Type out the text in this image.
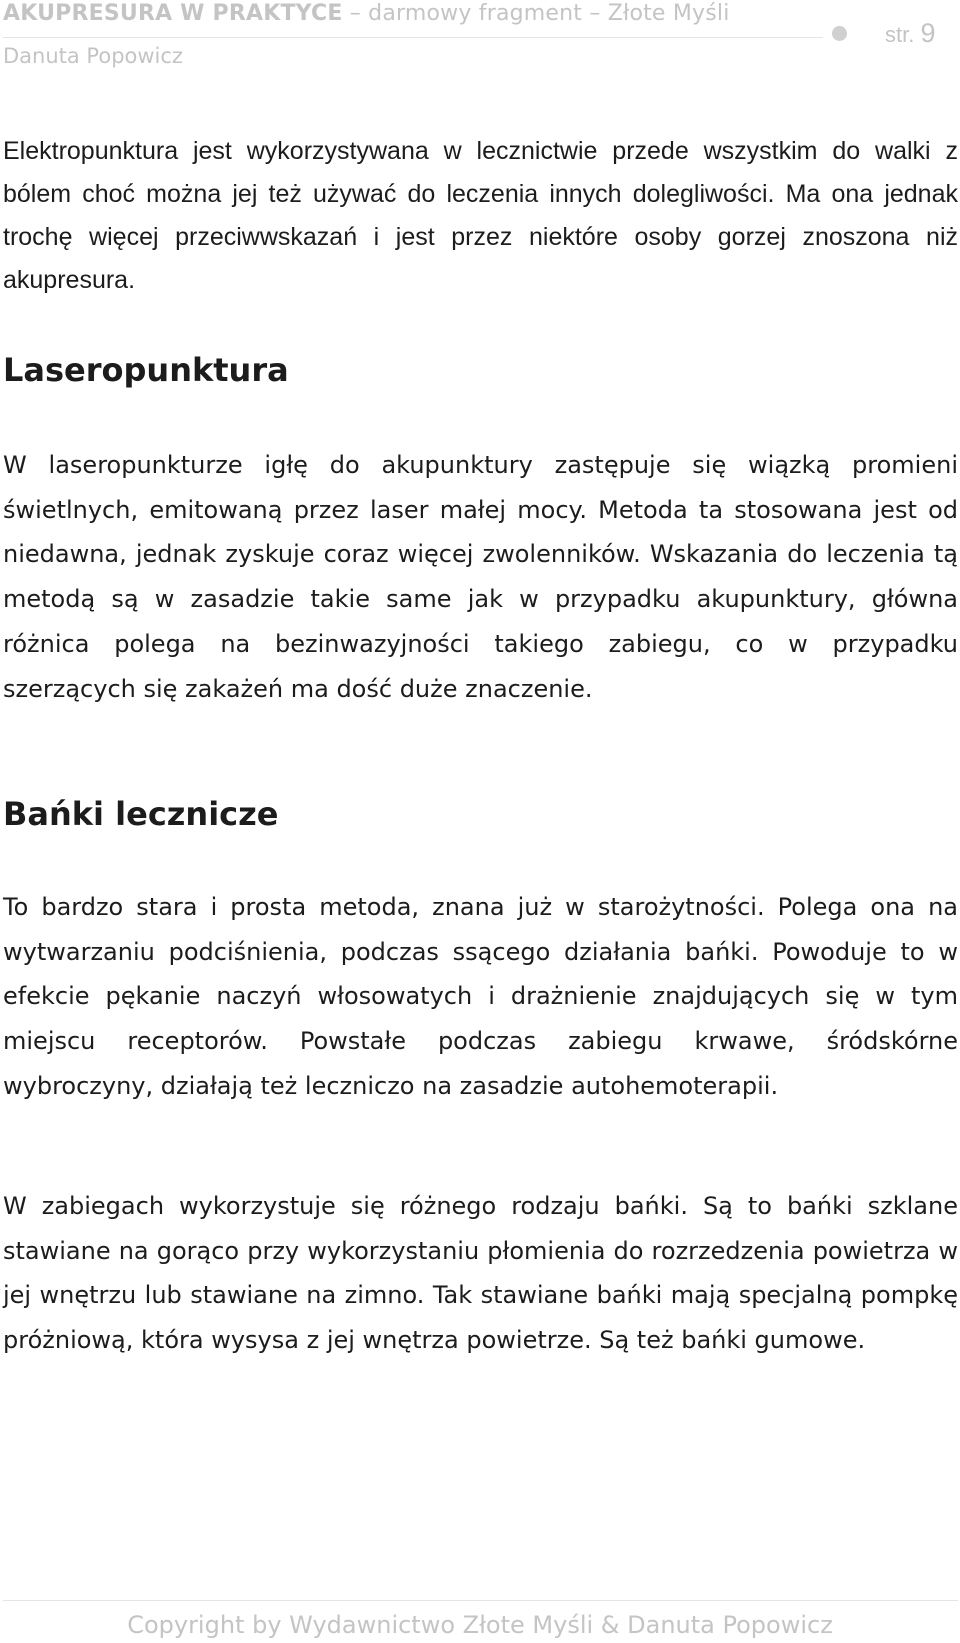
AKUPRESURA W PRAKTYCE – darmowy fragment – Złote Myśli
Danuta Popowicz
str. 9

Elektropunktura jest wykorzystywana w lecznictwie przede wszystkim do walki z bólem choć można jej też używać do leczenia innych dolegliwości. Ma ona jednak trochę więcej przeciwwskazań i jest przez niektóre osoby gorzej znoszona niż akupresura.

Laseropunktura

W laseropunkturze igłę do akupunktury zastępuje się wiązką promieni świetlnych, emitowaną przez laser małej mocy. Metoda ta stosowana jest od niedawna, jednak zyskuje coraz więcej zwolenników. Wskazania do leczenia tą metodą są w zasadzie takie same jak w przypadku akupunktury, główna różnica polega na bezinwazyjności takiego zabiegu, co w przypadku szerzących się zakażeń ma dość duże znaczenie.

Bańki lecznicze

To bardzo stara i prosta metoda, znana już w starożytności. Polega ona na wytwarzaniu podciśnienia, podczas ssącego działania bańki. Powoduje to w efekcie pękanie naczyń włosowatych i drażnienie znajdujących się w tym miejscu receptorów. Powstałe podczas zabiegu krwawe, śródskórne wybroczyny, działają też leczniczo na zasadzie autohemoterapii.

W zabiegach wykorzystuje się różnego rodzaju bańki. Są to bańki szklane stawiane na gorąco przy wykorzystaniu płomienia do rozrzedzenia powietrza w jej wnętrzu lub stawiane na zimno. Tak stawiane bańki mają specjalną pompkę próżniową, która wysysa z jej wnętrza powietrze. Są też bańki gumowe.

Copyright by Wydawnictwo Złote Myśli & Danuta Popowicz
